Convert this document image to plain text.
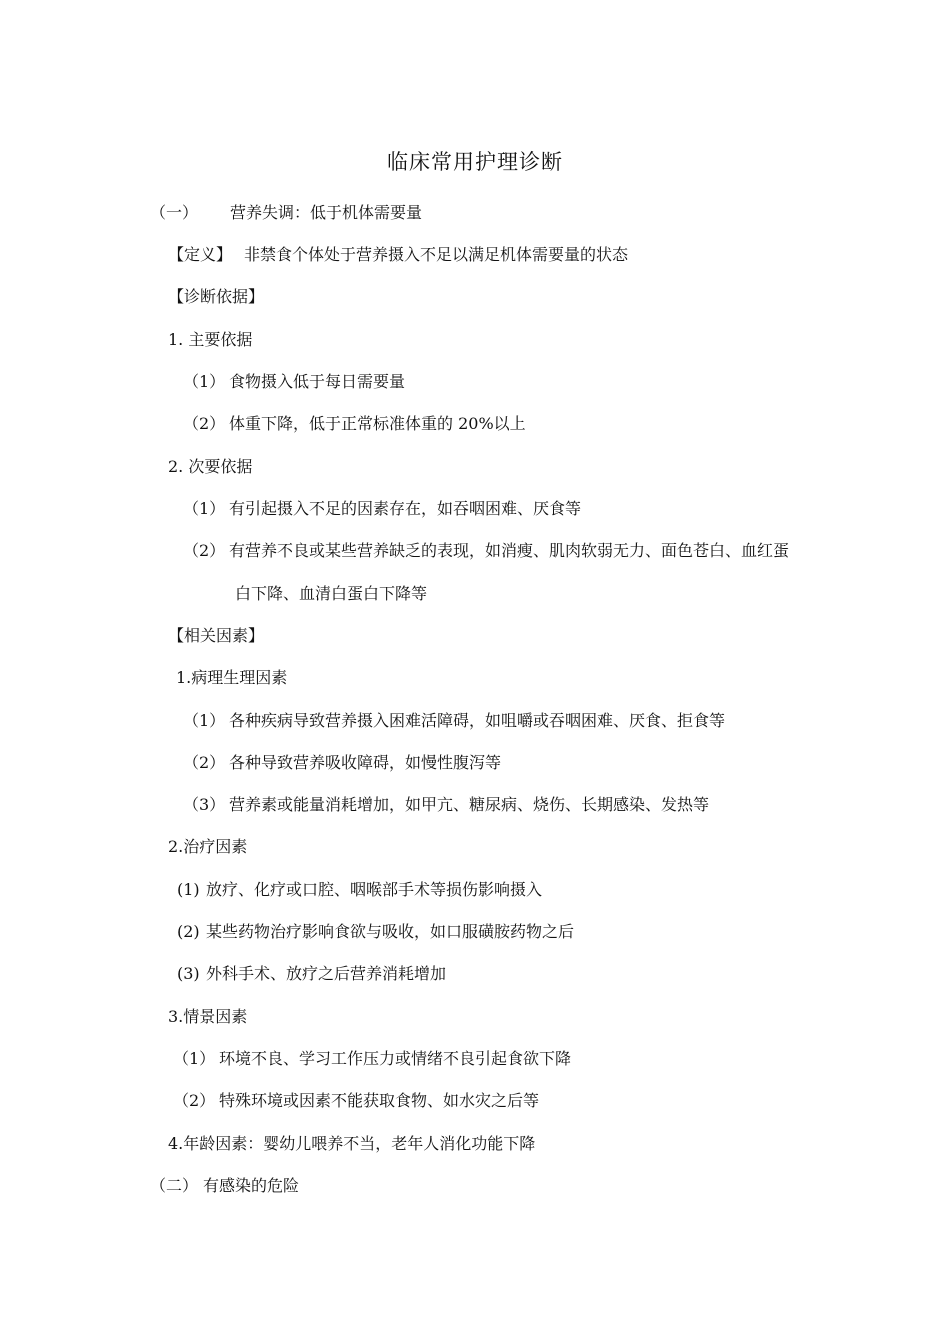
临床常用护理诊断
（一） 营养失调：低于机体需要量
【定义】 非禁食个体处于营养摄入不足以满足机体需要量的状态
【诊断依据】
1. 主要依据
（1） 食物摄入低于每日需要量
（2） 体重下降，低于正常标准体重的 20%以上
2. 次要依据
（1） 有引起摄入不足的因素存在，如吞咽困难、厌食等
（2） 有营养不良或某些营养缺乏的表现，如消瘦、肌肉软弱无力、面色苍白、血红蛋
白下降、血清白蛋白下降等
【相关因素】
1.病理生理因素
（1） 各种疾病导致营养摄入困难活障碍，如咀嚼或吞咽困难、厌食、拒食等
（2） 各种导致营养吸收障碍，如慢性腹泻等
（3） 营养素或能量消耗增加，如甲亢、糖尿病、烧伤、长期感染、发热等
2.治疗因素
(1) 放疗、化疗或口腔、咽喉部手术等损伤影响摄入
(2) 某些药物治疗影响食欲与吸收，如口服磺胺药物之后
(3) 外科手术、放疗之后营养消耗增加
3.情景因素
（1） 环境不良、学习工作压力或情绪不良引起食欲下降
（2） 特殊环境或因素不能获取食物、如水灾之后等
4.年龄因素：婴幼儿喂养不当，老年人消化功能下降
（二） 有感染的危险
